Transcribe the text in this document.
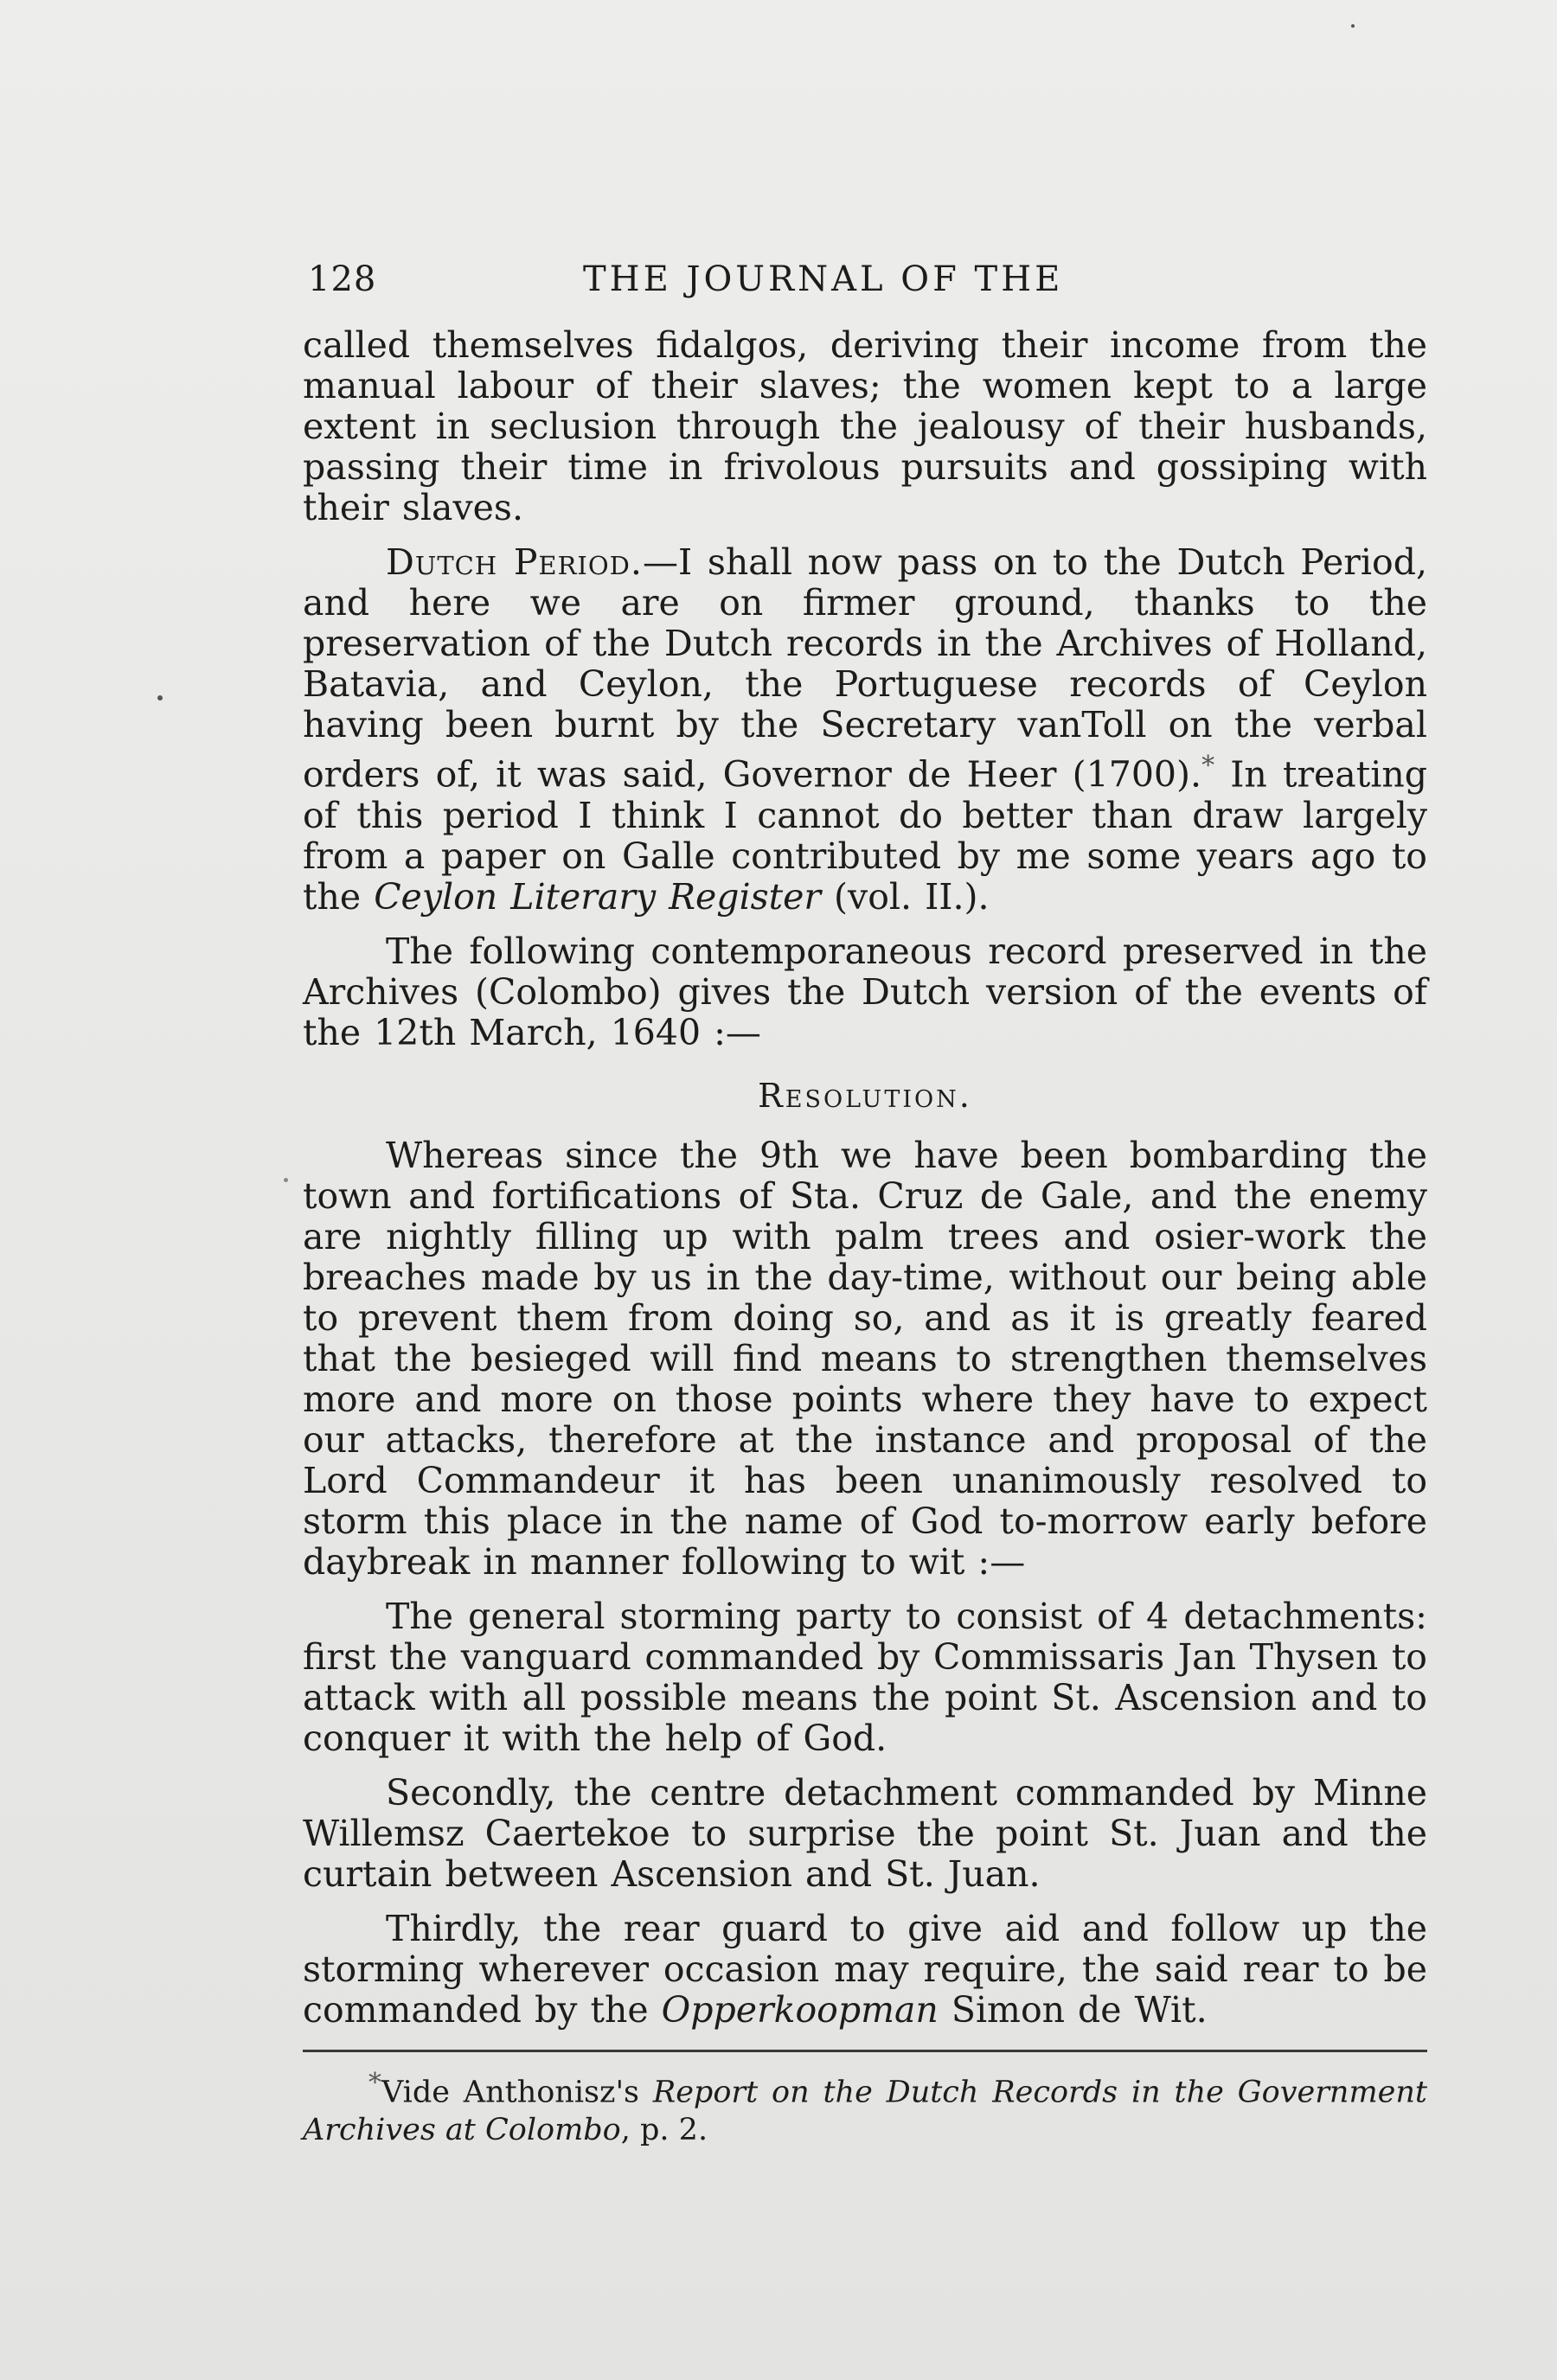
128	THE JOURNAL OF THE

called themselves fidalgos, deriving their income from the manual labour of their slaves; the women kept to a large extent in seclusion through the jealousy of their husbands, passing their time in frivolous pursuits and gossiping with their slaves.

Dutch Period.—I shall now pass on to the Dutch Period, and here we are on firmer ground, thanks to the preservation of the Dutch records in the Archives of Holland, Batavia, and Ceylon, the Portuguese records of Ceylon having been burnt by the Secretary vanToll on the verbal orders of, it was said, Governor de Heer (1700).* In treating of this period I think I cannot do better than draw largely from a paper on Galle contributed by me some years ago to the Ceylon Literary Register (vol. II.).

The following contemporaneous record preserved in the Archives (Colombo) gives the Dutch version of the events of the 12th March, 1640 :—

Resolution.

Whereas since the 9th we have been bombarding the town and fortifications of Sta. Cruz de Gale, and the enemy are nightly filling up with palm trees and osier-work the breaches made by us in the day-time, without our being able to prevent them from doing so, and as it is greatly feared that the besieged will find means to strengthen themselves more and more on those points where they have to expect our attacks, therefore at the instance and proposal of the Lord Commandeur it has been unanimously resolved to storm this place in the name of God to-morrow early before daybreak in manner following to wit :—

The general storming party to consist of 4 detachments: first the vanguard commanded by Commissaris Jan Thysen to attack with all possible means the point St. Ascension and to conquer it with the help of God.

Secondly, the centre detachment commanded by Minne Willemsz Caertekoe to surprise the point St. Juan and the curtain between Ascension and St. Juan.

Thirdly, the rear guard to give aid and follow up the storming wherever occasion may require, the said rear to be commanded by the Opperkoopman Simon de Wit.

*Vide Anthonisz's Report on the Dutch Records in the Government Archives at Colombo, p. 2.
